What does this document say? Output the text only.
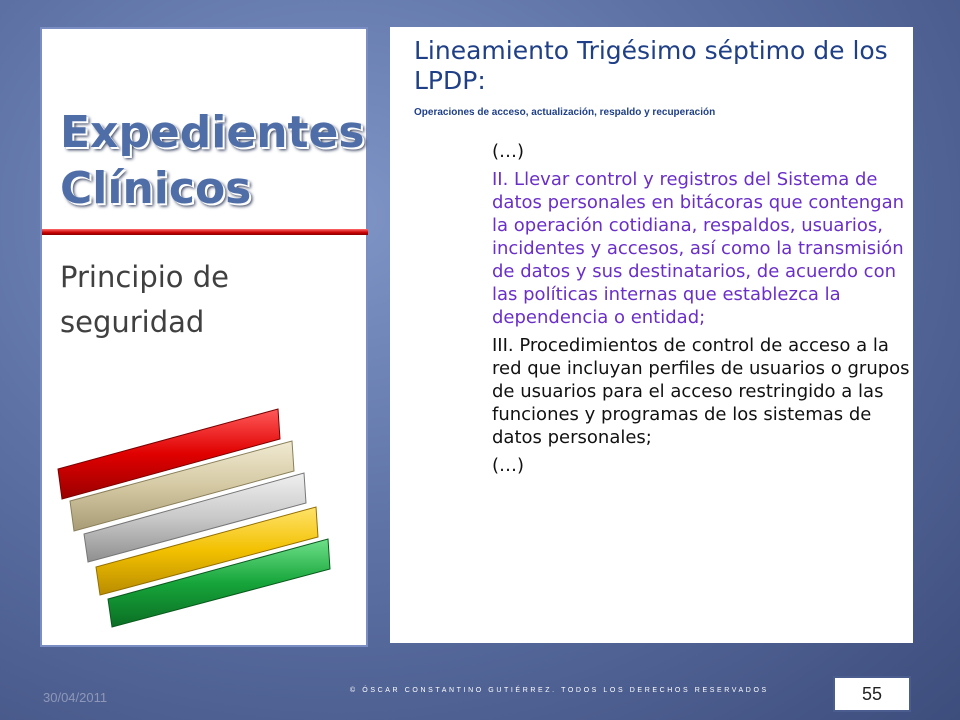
Expedientes Clínicos
Principio de seguridad
Lineamiento Trigésimo séptimo de los LPDP:
Operaciones de acceso, actualización, respaldo y recuperación

(…)

II. Llevar control y registros del Sistema de datos personales en bitácoras que contengan la operación cotidiana, respaldos, usuarios, incidentes y accesos, así como la transmisión de datos y sus destinatarios, de acuerdo con las políticas internas que establezca la dependencia o entidad;

III. Procedimientos de control de acceso a la red que incluyan perfiles de usuarios o grupos de usuarios para el acceso restringido a las funciones y programas de los sistemas de datos personales;

(…)

30/04/2011	© ÓSCAR CONSTANTINO GUTIÉRREZ. TODOS LOS DERECHOS RESERVADOS	55
